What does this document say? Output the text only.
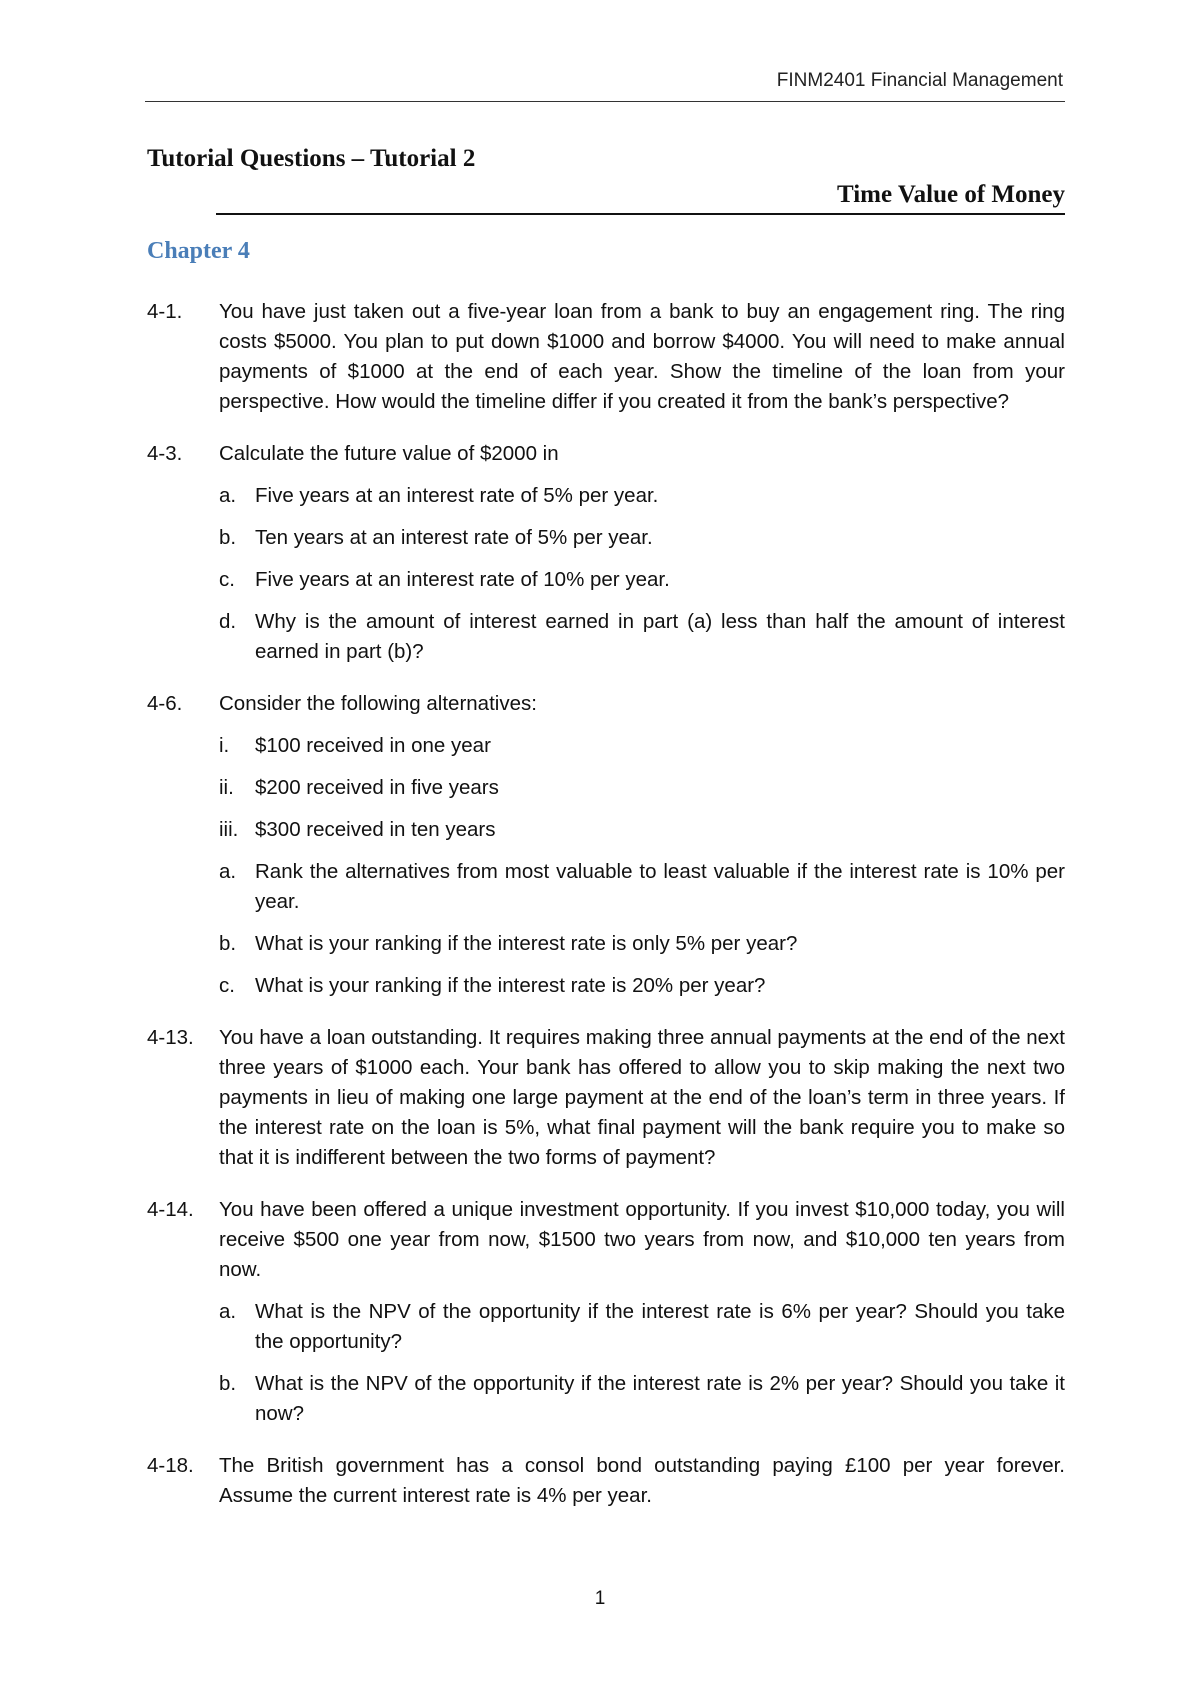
FINM2401 Financial Management
Tutorial Questions – Tutorial 2
Time Value of Money
Chapter 4
4-1. You have just taken out a five-year loan from a bank to buy an engagement ring. The ring costs $5000. You plan to put down $1000 and borrow $4000. You will need to make annual payments of $1000 at the end of each year. Show the timeline of the loan from your perspective. How would the timeline differ if you created it from the bank’s perspective?
4-3. Calculate the future value of $2000 in
a. Five years at an interest rate of 5% per year.
b. Ten years at an interest rate of 5% per year.
c. Five years at an interest rate of 10% per year.
d. Why is the amount of interest earned in part (a) less than half the amount of interest earned in part (b)?
4-6. Consider the following alternatives:
i. $100 received in one year
ii. $200 received in five years
iii. $300 received in ten years
a. Rank the alternatives from most valuable to least valuable if the interest rate is 10% per year.
b. What is your ranking if the interest rate is only 5% per year?
c. What is your ranking if the interest rate is 20% per year?
4-13. You have a loan outstanding. It requires making three annual payments at the end of the next three years of $1000 each. Your bank has offered to allow you to skip making the next two payments in lieu of making one large payment at the end of the loan’s term in three years. If the interest rate on the loan is 5%, what final payment will the bank require you to make so that it is indifferent between the two forms of payment?
4-14. You have been offered a unique investment opportunity. If you invest $10,000 today, you will receive $500 one year from now, $1500 two years from now, and $10,000 ten years from now.
a. What is the NPV of the opportunity if the interest rate is 6% per year? Should you take the opportunity?
b. What is the NPV of the opportunity if the interest rate is 2% per year? Should you take it now?
4-18. The British government has a consol bond outstanding paying £100 per year forever. Assume the current interest rate is 4% per year.
1
